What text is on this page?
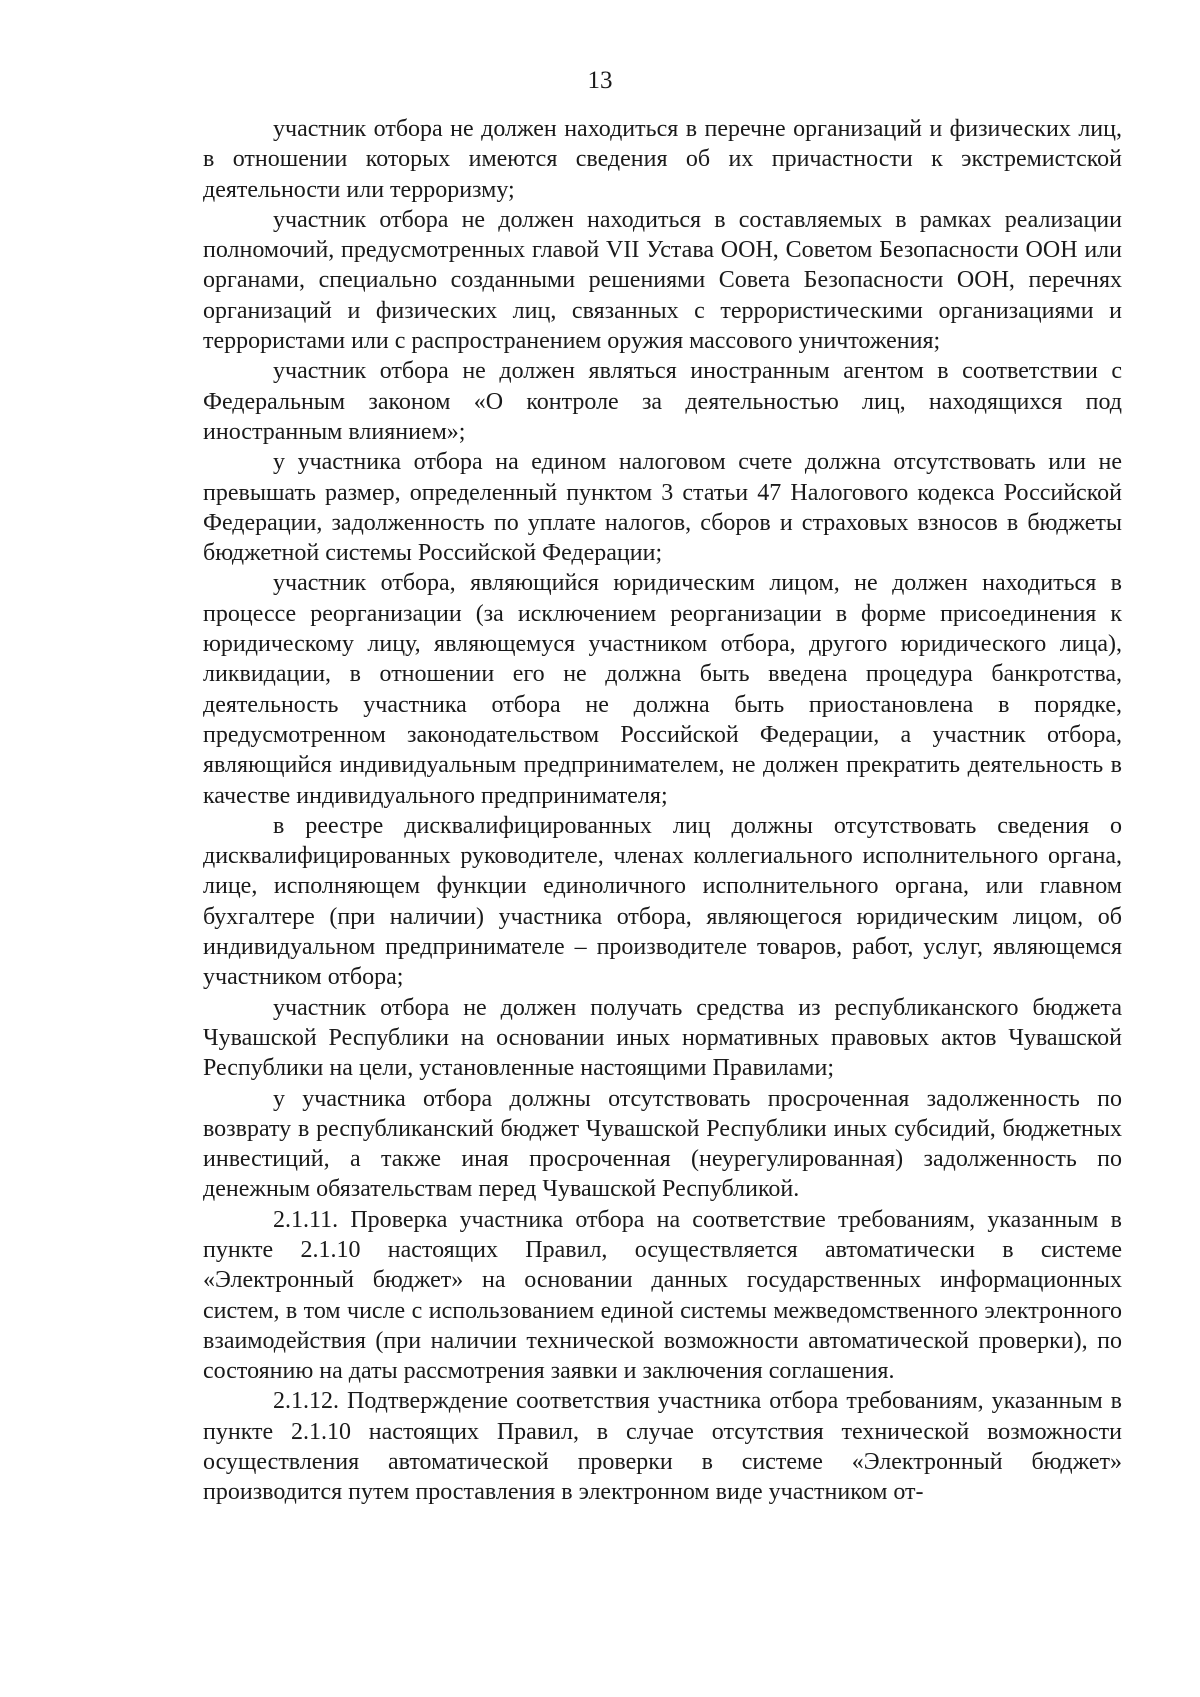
13

участник отбора не должен находиться в перечне организаций и физических лиц, в отношении которых имеются сведения об их причастности к экстремистской деятельности или терроризму;

участник отбора не должен находиться в составляемых в рамках реализации полномочий, предусмотренных главой VII Устава ООН, Советом Безопасности ООН или органами, специально созданными решениями Совета Безопасности ООН, перечнях организаций и физических лиц, связанных с террористическими организациями и террористами или с распространением оружия массового уничтожения;

участник отбора не должен являться иностранным агентом в соответствии с Федеральным законом «О контроле за деятельностью лиц, находящихся под иностранным влиянием»;

у участника отбора на едином налоговом счете должна отсутствовать или не превышать размер, определенный пунктом 3 статьи 47 Налогового кодекса Российской Федерации, задолженность по уплате налогов, сборов и страховых взносов в бюджеты бюджетной системы Российской Федерации;

участник отбора, являющийся юридическим лицом, не должен находиться в процессе реорганизации (за исключением реорганизации в форме присоединения к юридическому лицу, являющемуся участником отбора, другого юридического лица), ликвидации, в отношении его не должна быть введена процедура банкротства, деятельность участника отбора не должна быть приостановлена в порядке, предусмотренном законодательством Российской Федерации, а участник отбора, являющийся индивидуальным предпринимателем, не должен прекратить деятельность в качестве индивидуального предпринимателя;

в реестре дисквалифицированных лиц должны отсутствовать сведения о дисквалифицированных руководителе, членах коллегиального исполнительного органа, лице, исполняющем функции единоличного исполнительного органа, или главном бухгалтере (при наличии) участника отбора, являющегося юридическим лицом, об индивидуальном предпринимателе – производителе товаров, работ, услуг, являющемся участником отбора;

участник отбора не должен получать средства из республиканского бюджета Чувашской Республики на основании иных нормативных правовых актов Чувашской Республики на цели, установленные настоящими Правилами;

у участника отбора должны отсутствовать просроченная задолженность по возврату в республиканский бюджет Чувашской Республики иных субсидий, бюджетных инвестиций, а также иная просроченная (неурегулированная) задолженность по денежным обязательствам перед Чувашской Республикой.

2.1.11. Проверка участника отбора на соответствие требованиям, указанным в пункте 2.1.10 настоящих Правил, осуществляется автоматически в системе «Электронный бюджет» на основании данных государственных информационных систем, в том числе с использованием единой системы межведомственного электронного взаимодействия (при наличии технической возможности автоматической проверки), по состоянию на даты рассмотрения заявки и заключения соглашения.

2.1.12. Подтверждение соответствия участника отбора требованиям, указанным в пункте 2.1.10 настоящих Правил, в случае отсутствия технической возможности осуществления автоматической проверки в системе «Электронный бюджет» производится путем проставления в электронном виде участником от-
